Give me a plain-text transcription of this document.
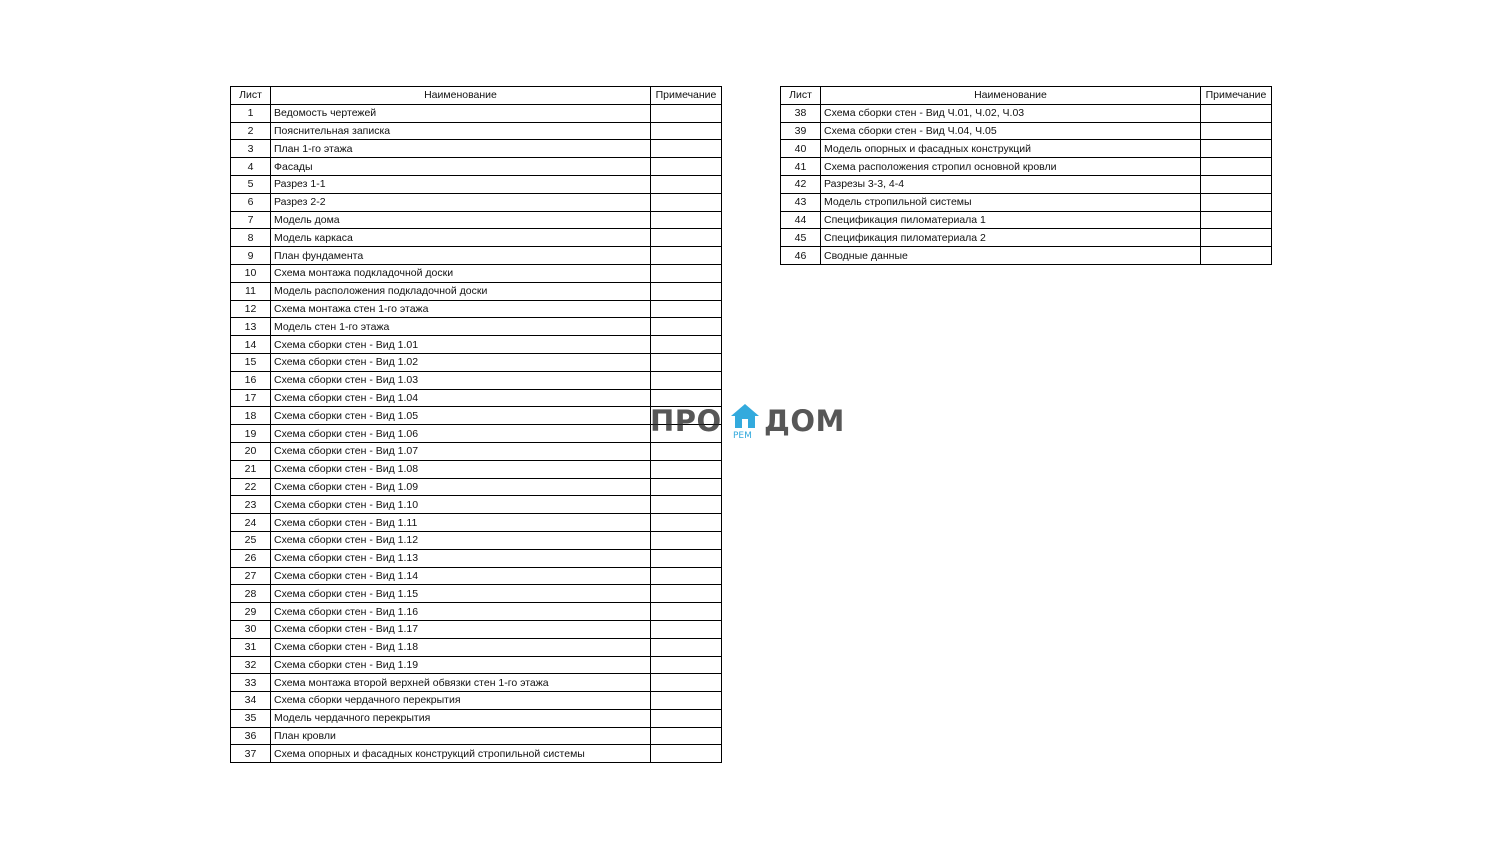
Лист	Наименование	Примечание
1	Ведомость чертежей	
2	Пояснительная записка	
3	План 1-го этажа	
4	Фасады	
5	Разрез 1-1	
6	Разрез 2-2	
7	Модель дома	
8	Модель каркаса	
9	План фундамента	
10	Схема монтажа подкладочной доски	
11	Модель расположения подкладочной доски	
12	Схема монтажа стен 1-го этажа	
13	Модель стен 1-го этажа	
14	Схема сборки стен - Вид 1.01	
15	Схема сборки стен - Вид 1.02	
16	Схема сборки стен - Вид 1.03	
17	Схема сборки стен - Вид 1.04	
18	Схема сборки стен - Вид 1.05	
19	Схема сборки стен - Вид 1.06	
20	Схема сборки стен - Вид 1.07	
21	Схема сборки стен - Вид 1.08	
22	Схема сборки стен - Вид 1.09	
23	Схема сборки стен - Вид 1.10	
24	Схема сборки стен - Вид 1.11	
25	Схема сборки стен - Вид 1.12	
26	Схема сборки стен - Вид 1.13	
27	Схема сборки стен - Вид 1.14	
28	Схема сборки стен - Вид 1.15	
29	Схема сборки стен - Вид 1.16	
30	Схема сборки стен - Вид 1.17	
31	Схема сборки стен - Вид 1.18	
32	Схема сборки стен - Вид 1.19	
33	Схема монтажа второй верхней обвязки стен 1-го этажа	
34	Схема сборки чердачного перекрытия	
35	Модель чердачного перекрытия	
36	План кровли	
37	Схема опорных и фасадных конструкций стропильной системы	
Лист	Наименование	Примечание
38	Схема сборки стен - Вид Ч.01, Ч.02, Ч.03	
39	Схема сборки стен - Вид Ч.04, Ч.05	
40	Модель опорных и фасадных конструкций	
41	Схема расположения стропил основной кровли	
42	Разрезы 3-3, 4-4	
43	Модель стропильной системы	
44	Спецификация пиломатериала 1	
45	Спецификация пиломатериала 2	
46	Сводные данные	
ПРО РЕМ ДОМ
